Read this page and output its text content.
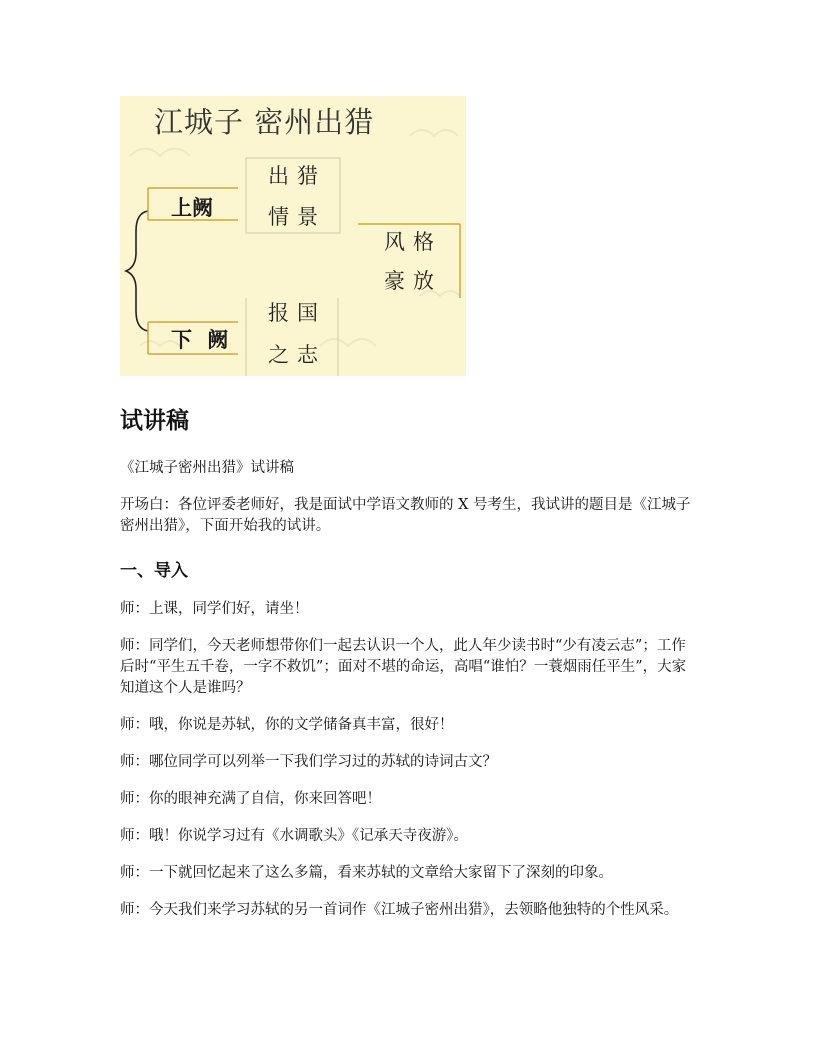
江城子 密州出猎
上阙
下 阙
出猎
情景
风格
豪放
报国
之志
试讲稿
《江城子密州出猎》试讲稿
开场白：各位评委老师好，我是面试中学语文教师的 X 号考生，我试讲的题目是《江城子密州出猎》，下面开始我的试讲。
一、导入
师：上课，同学们好，请坐！
师：同学们，今天老师想带你们一起去认识一个人，此人年少读书时“少有凌云志”；工作后时“平生五千卷，一字不救饥”；面对不堪的命运，高唱“谁怕？一蓑烟雨任平生”，大家知道这个人是谁吗？
师：哦，你说是苏轼，你的文学储备真丰富，很好！
师：哪位同学可以列举一下我们学习过的苏轼的诗词古文？
师：你的眼神充满了自信，你来回答吧！
师：哦！你说学习过有《水调歌头》《记承天寺夜游》。
师：一下就回忆起来了这么多篇，看来苏轼的文章给大家留下了深刻的印象。
师：今天我们来学习苏轼的另一首词作《江城子密州出猎》，去领略他独特的个性风采。
